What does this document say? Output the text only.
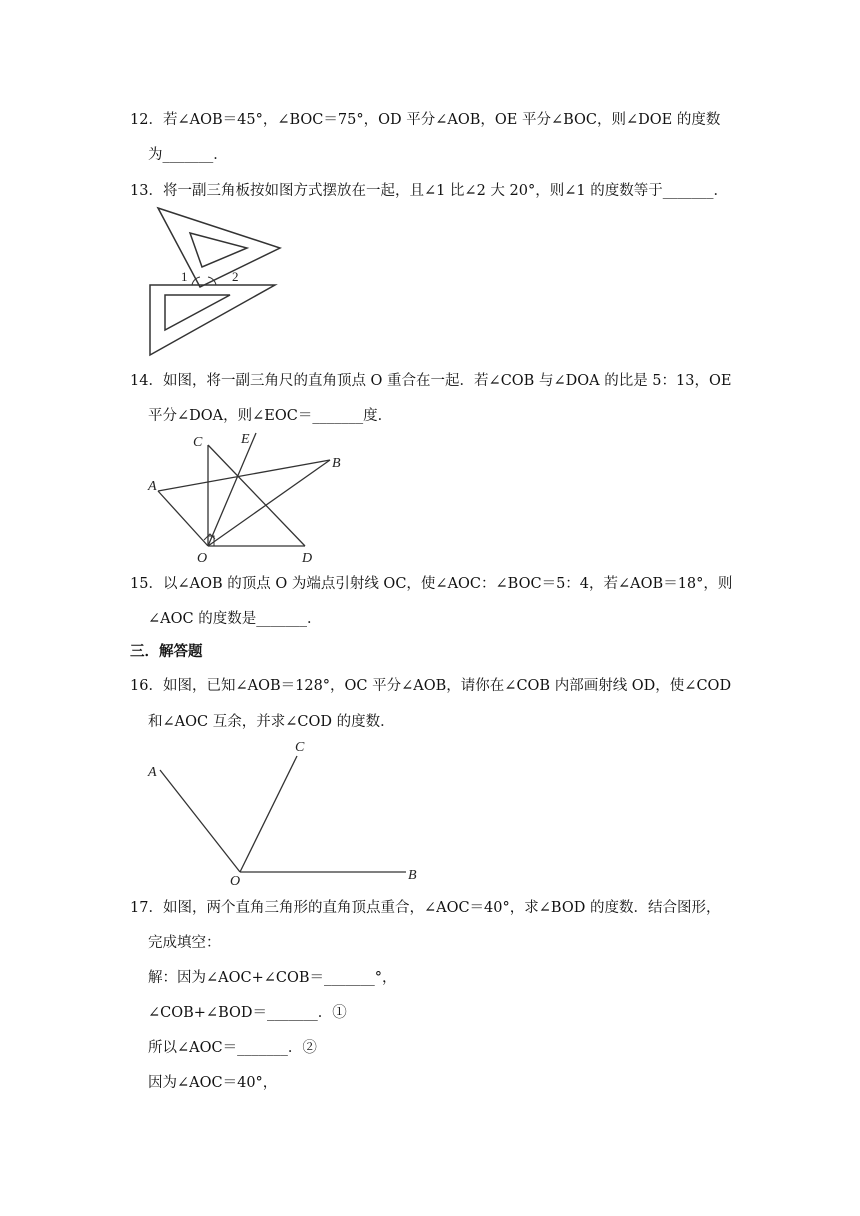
12．若∠AOB＝45°，∠BOC＝75°，OD 平分∠AOB，OE 平分∠BOC，则∠DOE 的度数
为_______．
13．将一副三角板按如图方式摆放在一起，且∠1 比∠2 大 20°，则∠1 的度数等于_______．
1	2
14．如图，将一副三角尺的直角顶点 O 重合在一起．若∠COB 与∠DOA 的比是 5：13，OE
平分∠DOA，则∠EOC＝_______度．
C	E
B
A
O	D
15．以∠AOB 的顶点 O 为端点引射线 OC，使∠AOC：∠BOC＝5：4，若∠AOB＝18°，则
∠AOC 的度数是_______．
三．解答题
16．如图，已知∠AOB＝128°，OC 平分∠AOB，请你在∠COB 内部画射线 OD，使∠COD
和∠AOC 互余，并求∠COD 的度数．
A
C
O	B
17．如图，两个直角三角形的直角顶点重合，∠AOC＝40°，求∠BOD 的度数．结合图形，
完成填空：
解：因为∠AOC+∠COB＝_______°，
∠COB+∠BOD＝_______．①
所以∠AOC＝_______．②
因为∠AOC＝40°，
